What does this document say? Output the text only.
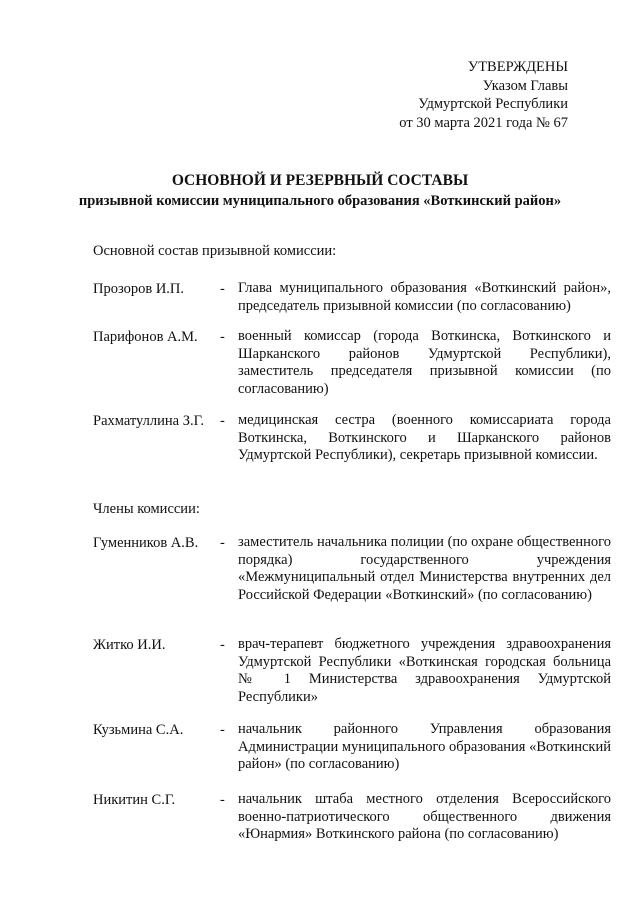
УТВЕРЖДЕНЫ
Указом Главы
Удмуртской Республики
от 30 марта 2021 года № 67
ОСНОВНОЙ И РЕЗЕРВНЫЙ СОСТАВЫ
призывной комиссии муниципального образования «Воткинский район»
Основной состав призывной комиссии:
Прозоров И.П.	- Глава муниципального образования «Воткинский район», председатель призывной комиссии (по согласованию)
Парифонов А.М.	- военный комиссар (города Воткинска, Воткинского и Шарканского районов Удмуртской Республики), заместитель председателя призывной комиссии (по согласованию)
Рахматуллина З.Г.	- медицинская сестра (военного комиссариата города Воткинска, Воткинского и Шарканского районов Удмуртской Республики), секретарь призывной комиссии.
Члены комиссии:
Гуменников А.В.	- заместитель начальника полиции (по охране общественного порядка) государственного учреждения «Межмуниципальный отдел Министерства внутренних дел Российской Федерации «Воткинский» (по согласованию)
Житко И.И.	- врач-терапевт бюджетного учреждения здравоохранения Удмуртской Республики «Воткинская городская больница № 1 Министерства здравоохранения Удмуртской Республики»
Кузьмина С.А.	- начальник районного Управления образования Администрации муниципального образования «Воткинский район» (по согласованию)
Никитин С.Г.	- начальник штаба местного отделения Всероссийского военно-патриотического общественного движения «Юнармия» Воткинского района (по согласованию)
